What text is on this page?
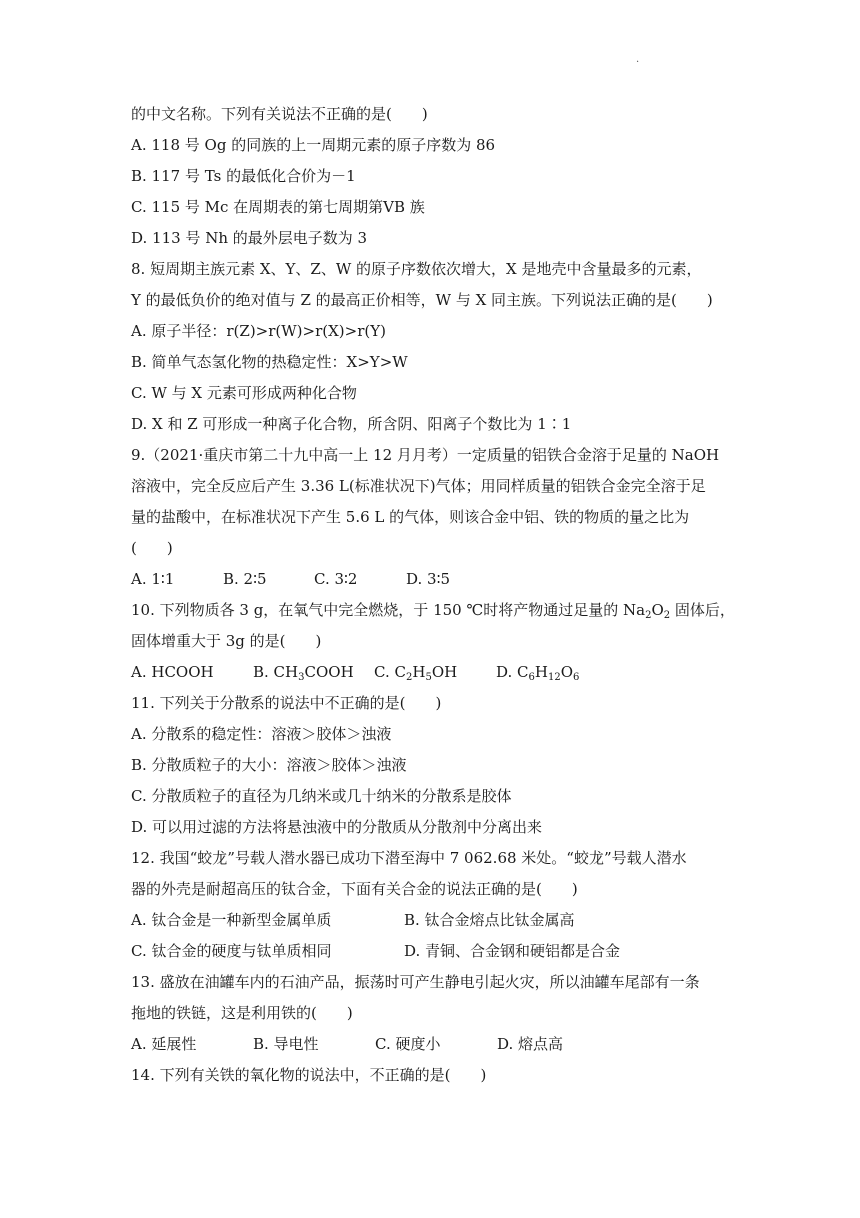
.
的中文名称。下列有关说法不正确的是(　　)
A. 118 号 Og 的同族的上一周期元素的原子序数为 86
B. 117 号 Ts 的最低化合价为－1
C. 115 号 Mc 在周期表的第七周期第ⅤB 族
D. 113 号 Nh 的最外层电子数为 3
8. 短周期主族元素 X、Y、Z、W 的原子序数依次增大，X 是地壳中含量最多的元素，
Y 的最低负价的绝对值与 Z 的最高正价相等，W 与 X 同主族。下列说法正确的是(　　)
A. 原子半径：r(Z)>r(W)>r(X)>r(Y)
B. 简单气态氢化物的热稳定性：X>Y>W
C. W 与 X 元素可形成两种化合物
D. X 和 Z 可形成一种离子化合物，所含阴、阳离子个数比为 1∶1
9.（2021·重庆市第二十九中高一上 12 月月考）一定质量的铝铁合金溶于足量的 NaOH
溶液中，完全反应后产生 3.36 L(标准状况下)气体；用同样质量的铝铁合金完全溶于足
量的盐酸中，在标准状况下产生 5.6 L 的气体，则该合金中铝、铁的物质的量之比为
(　　)
A. 1∶1	B. 2∶5	C. 3∶2	D. 3∶5
10. 下列物质各 3 g，在氧气中完全燃烧，于 150 ℃时将产物通过足量的 $Na_2O_2$ 固体后，
固体增重大于 3g 的是(　　)
A. HCOOH	B. $CH_3COOH$ C. $C_2H_5OH$	D. $C_6H_{12}O_6$
11. 下列关于分散系的说法中不正确的是(　　)
A. 分散系的稳定性：溶液＞胶体＞浊液
B. 分散质粒子的大小：溶液＞胶体＞浊液
C. 分散质粒子的直径为几纳米或几十纳米的分散系是胶体
D. 可以用过滤的方法将悬浊液中的分散质从分散剂中分离出来
12. 我国“蛟龙”号载人潜水器已成功下潜至海中 7 062.68 米处。“蛟龙”号载人潜水
器的外壳是耐超高压的钛合金，下面有关合金的说法正确的是(　　)
A. 钛合金是一种新型金属单质	B. 钛合金熔点比钛金属高
C. 钛合金的硬度与钛单质相同	D. 青铜、合金钢和硬铝都是合金
13. 盛放在油罐车内的石油产品，振荡时可产生静电引起火灾，所以油罐车尾部有一条
拖地的铁链，这是利用铁的(　　)
A. 延展性	B. 导电性	C. 硬度小	D. 熔点高
14. 下列有关铁的氧化物的说法中，不正确的是(　　)
